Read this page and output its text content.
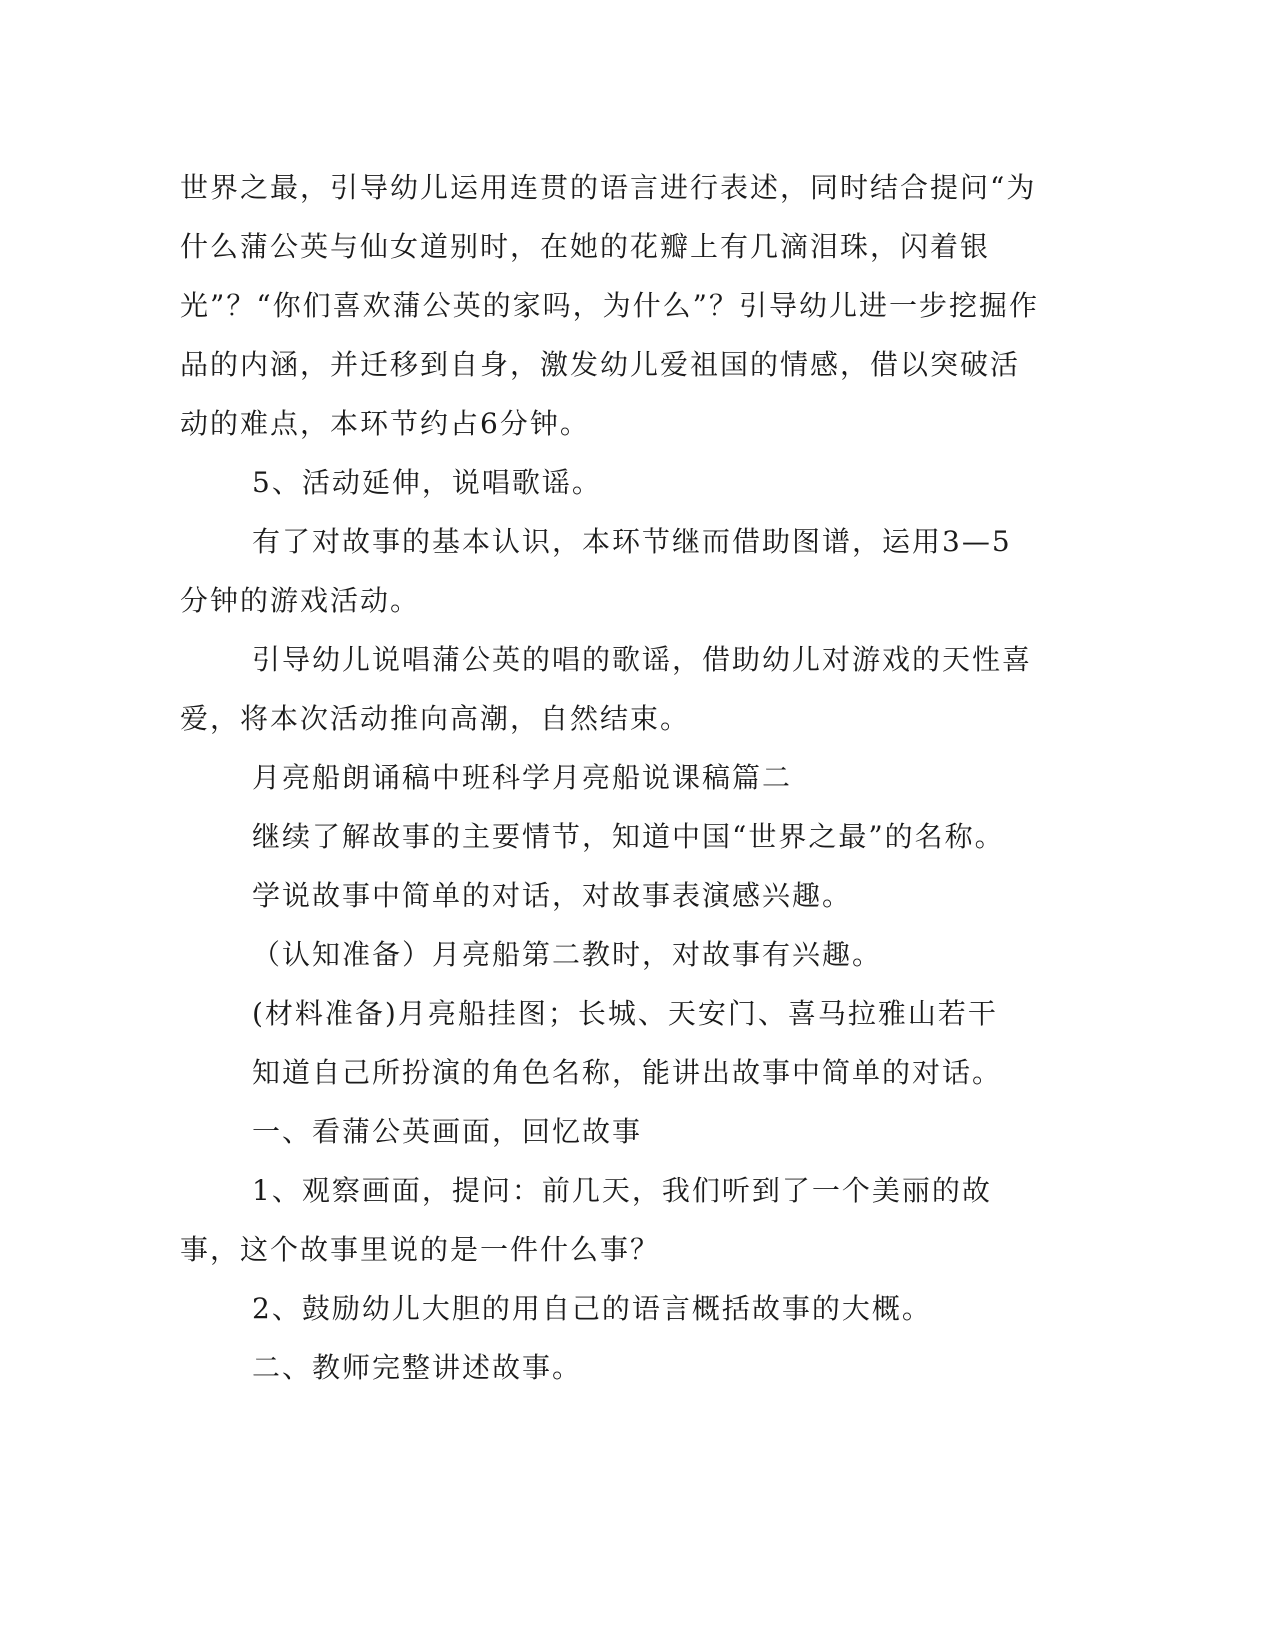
世界之最，引导幼儿运用连贯的语言进行表述，同时结合提问“为什么蒲公英与仙女道别时，在她的花瓣上有几滴泪珠，闪着银光”？“你们喜欢蒲公英的家吗，为什么”？引导幼儿进一步挖掘作品的内涵，并迁移到自身，激发幼儿爱祖国的情感，借以突破活动的难点，本环节约占6分钟。

5、活动延伸，说唱歌谣。

有了对故事的基本认识，本环节继而借助图谱，运用3—5分钟的游戏活动。

引导幼儿说唱蒲公英的唱的歌谣，借助幼儿对游戏的天性喜爱，将本次活动推向高潮，自然结束。

月亮船朗诵稿中班科学月亮船说课稿篇二

继续了解故事的主要情节，知道中国“世界之最”的名称。

学说故事中简单的对话，对故事表演感兴趣。

（认知准备）月亮船第二教时，对故事有兴趣。

(材料准备)月亮船挂图；长城、天安门、喜马拉雅山若干

知道自己所扮演的角色名称，能讲出故事中简单的对话。

一、看蒲公英画面，回忆故事

1、观察画面，提问：前几天，我们听到了一个美丽的故事，这个故事里说的是一件什么事？

2、鼓励幼儿大胆的用自己的语言概括故事的大概。

二、教师完整讲述故事。
